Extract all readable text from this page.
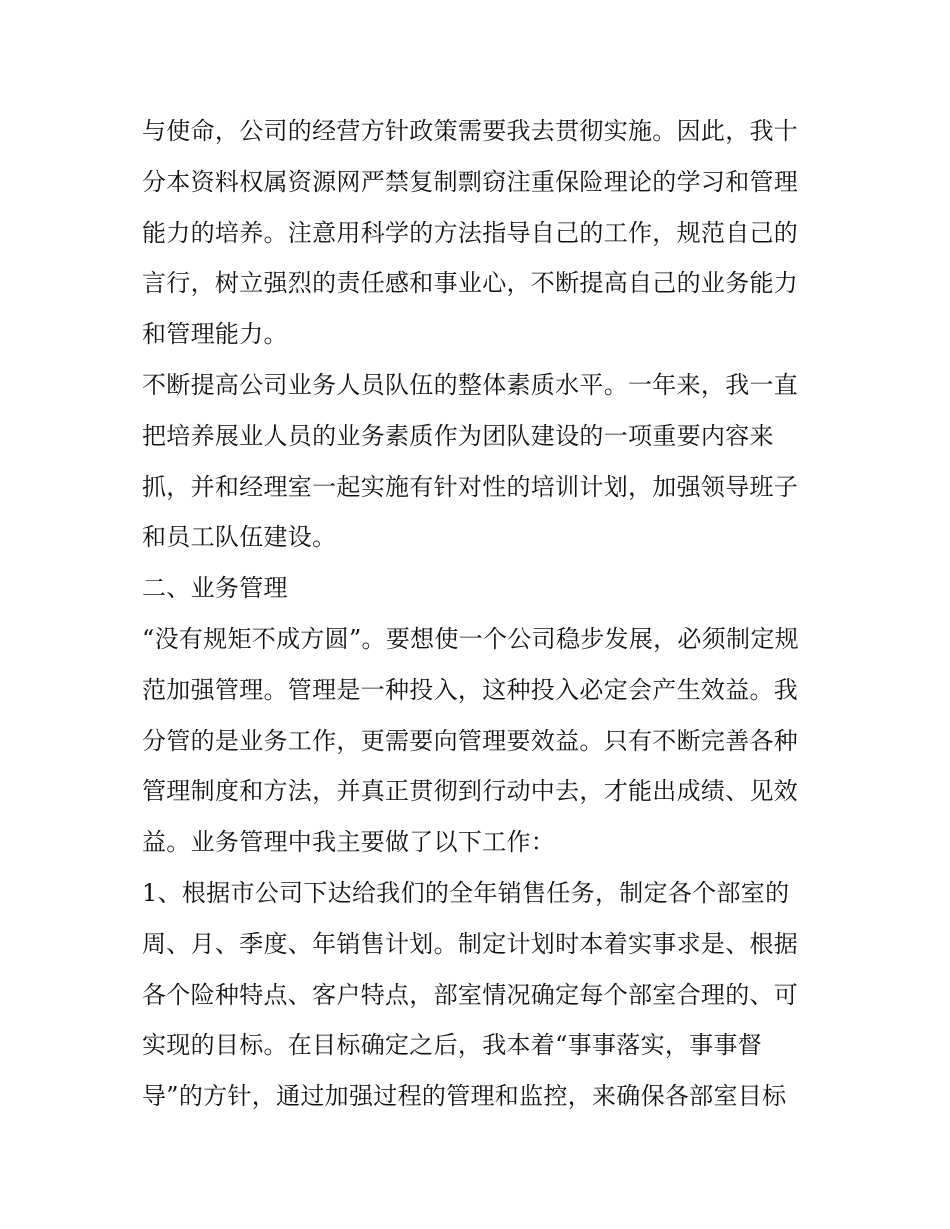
与使命，公司的经营方针政策需要我去贯彻实施。因此，我十
分本资料权属资源网严禁复制剽窃注重保险理论的学习和管理
能力的培养。注意用科学的方法指导自己的工作，规范自己的
言行，树立强烈的责任感和事业心，不断提高自己的业务能力
和管理能力。
不断提高公司业务人员队伍的整体素质水平。一年来，我一直
把培养展业人员的业务素质作为团队建设的一项重要内容来
抓，并和经理室一起实施有针对性的培训计划，加强领导班子
和员工队伍建设。
二、业务管理
“没有规矩不成方圆”。要想使一个公司稳步发展，必须制定规
范加强管理。管理是一种投入，这种投入必定会产生效益。我
分管的是业务工作，更需要向管理要效益。只有不断完善各种
管理制度和方法，并真正贯彻到行动中去，才能出成绩、见效
益。业务管理中我主要做了以下工作：
1、根据市公司下达给我们的全年销售任务，制定各个部室的
周、月、季度、年销售计划。制定计划时本着实事求是、根据
各个险种特点、客户特点，部室情况确定每个部室合理的、可
实现的目标。在目标确定之后，我本着“事事落实，事事督
导”的方针，通过加强过程的管理和监控，来确保各部室目标
